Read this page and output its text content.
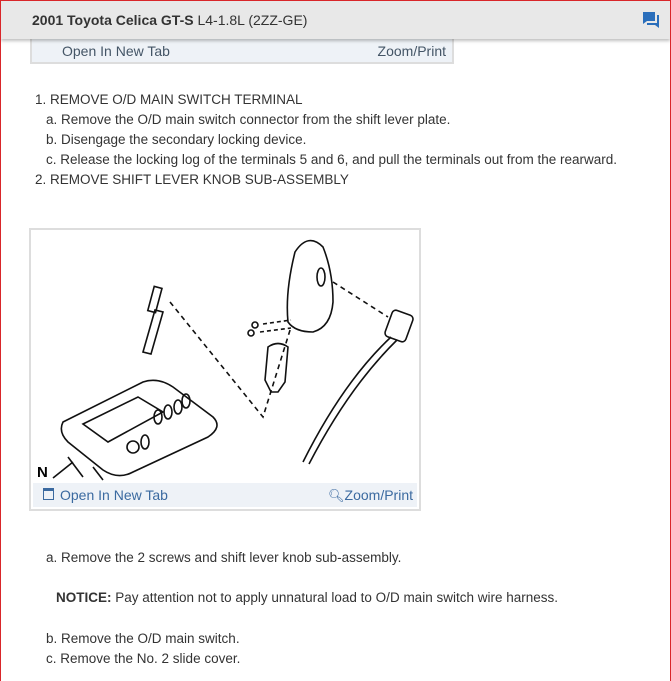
Open In New Tab	Zoom/Print
2001 Toyota Celica GT-S L4-1.8L (2ZZ-GE)
1. REMOVE O/D MAIN SWITCH TERMINAL
a. Remove the O/D main switch connector from the shift lever plate.
b. Disengage the secondary locking device.
c. Release the locking log of the terminals 5 and 6, and pull the terminals out from the rearward.
2. REMOVE SHIFT LEVER KNOB SUB-ASSEMBLY
N
Open In New Tab	🔍︎Zoom/Print
a. Remove the 2 screws and shift lever knob sub-assembly.
NOTICE: Pay attention not to apply unnatural load to O/D main switch wire harness.
b. Remove the O/D main switch.
c. Remove the No. 2 slide cover.
